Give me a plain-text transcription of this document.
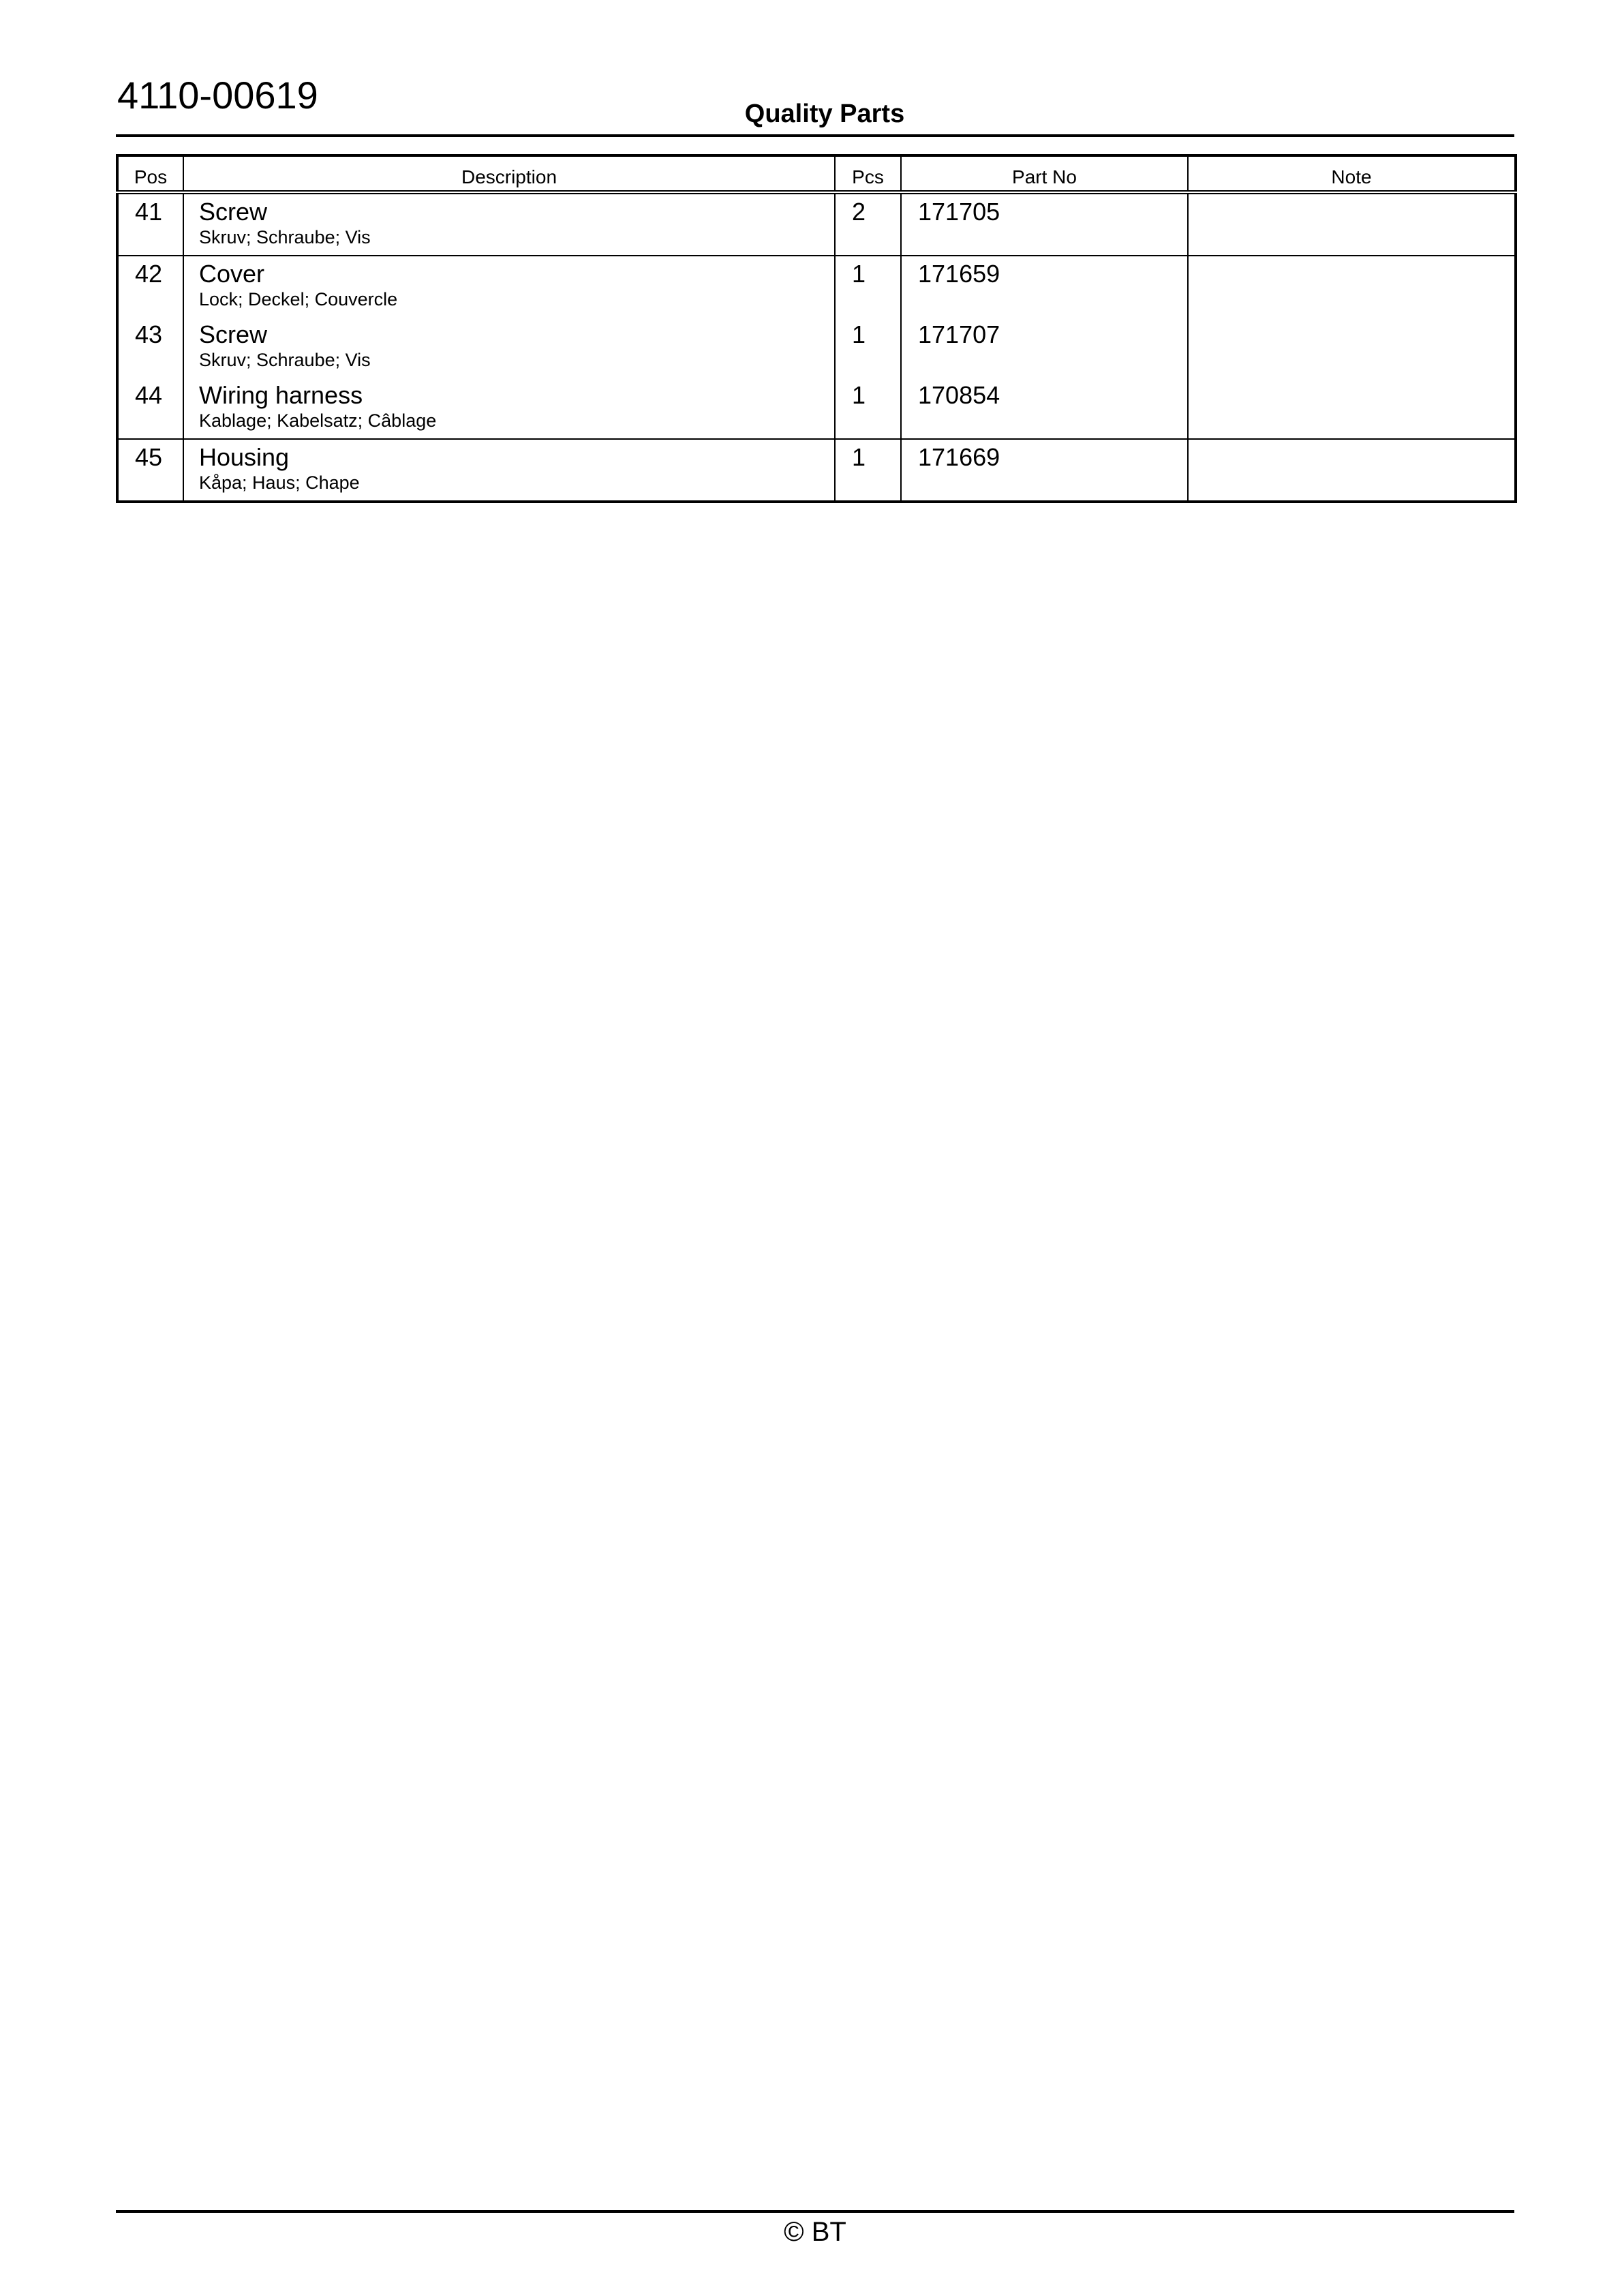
4110-00619	Quality Parts
Pos	Description	Pcs	Part No	Note

41	Screw
Skruv; Schraube; Vis	2	171705	

42	Cover
Lock; Deckel; Couvercle	1	171659	

43	Screw
Skruv; Schraube; Vis	1	171707	

44	Wiring harness
Kablage; Kabelsatz; Câblage	1	170854	

45	Housing
Kåpa; Haus; Chape	1	171669	

© BT
